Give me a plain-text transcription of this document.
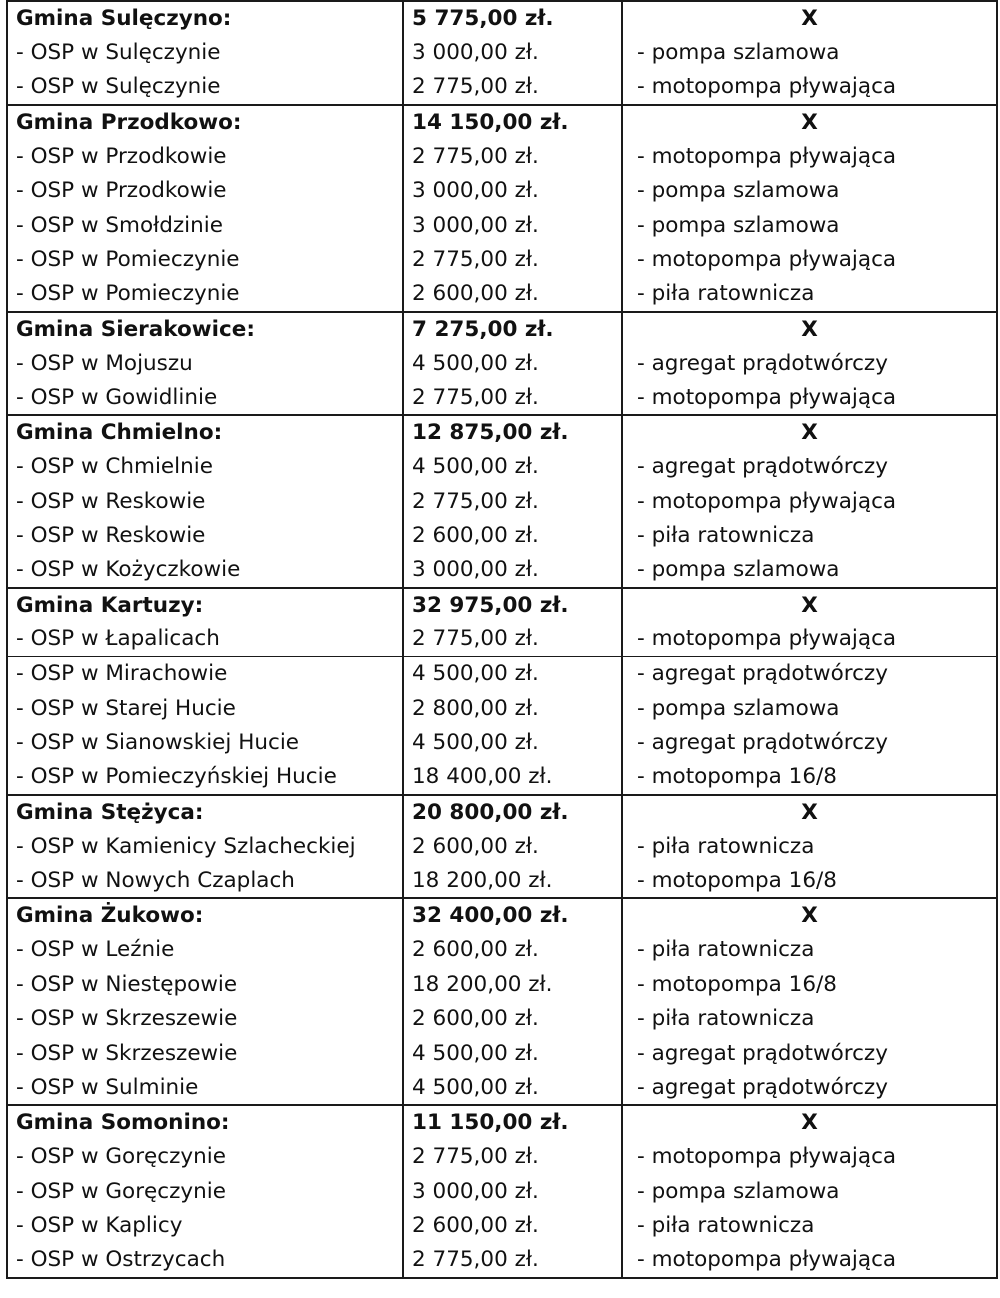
Gmina Sulęczyno:	5 775,00 zł.	X
- OSP w Sulęczynie	3 000,00 zł.	- pompa szlamowa
- OSP w Sulęczynie	2 775,00 zł.	- motopompa pływająca
Gmina Przodkowo:	14 150,00 zł.	X
- OSP w Przodkowie	2 775,00 zł.	- motopompa pływająca
- OSP w Przodkowie	3 000,00 zł.	- pompa szlamowa
- OSP w Smołdzinie	3 000,00 zł.	- pompa szlamowa
- OSP w Pomieczynie	2 775,00 zł.	- motopompa pływająca
- OSP w Pomieczynie	2 600,00 zł.	- piła ratownicza
Gmina Sierakowice:	7 275,00 zł.	X
- OSP w Mojuszu	4 500,00 zł.	- agregat prądotwórczy
- OSP w Gowidlinie	2 775,00 zł.	- motopompa pływająca
Gmina Chmielno:	12 875,00 zł.	X
- OSP w Chmielnie	4 500,00 zł.	- agregat prądotwórczy
- OSP w Reskowie	2 775,00 zł.	- motopompa pływająca
- OSP w Reskowie	2 600,00 zł.	- piła ratownicza
- OSP w Kożyczkowie	3 000,00 zł.	- pompa szlamowa
Gmina Kartuzy:	32 975,00 zł.	X
- OSP w Łapalicach	2 775,00 zł.	- motopompa pływająca
- OSP w Mirachowie	4 500,00 zł.	- agregat prądotwórczy
- OSP w Starej Hucie	2 800,00 zł.	- pompa szlamowa
- OSP w Sianowskiej Hucie	4 500,00 zł.	- agregat prądotwórczy
- OSP w Pomieczyńskiej Hucie	18 400,00 zł.	- motopompa 16/8
Gmina Stężyca:	20 800,00 zł.	X
- OSP w Kamienicy Szlacheckiej	2 600,00 zł.	- piła ratownicza
- OSP w Nowych Czaplach	18 200,00 zł.	- motopompa 16/8
Gmina Żukowo:	32 400,00 zł.	X
- OSP w Leźnie	2 600,00 zł.	- piła ratownicza
- OSP w Niestępowie	18 200,00 zł.	- motopompa 16/8
- OSP w Skrzeszewie	2 600,00 zł.	- piła ratownicza
- OSP w Skrzeszewie	4 500,00 zł.	- agregat prądotwórczy
- OSP w Sulminie	4 500,00 zł.	- agregat prądotwórczy
Gmina Somonino:	11 150,00 zł.	X
- OSP w Goręczynie	2 775,00 zł.	- motopompa pływająca
- OSP w Goręczynie	3 000,00 zł.	- pompa szlamowa
- OSP w Kaplicy	2 600,00 zł.	- piła ratownicza
- OSP w Ostrzycach	2 775,00 zł.	- motopompa pływająca
